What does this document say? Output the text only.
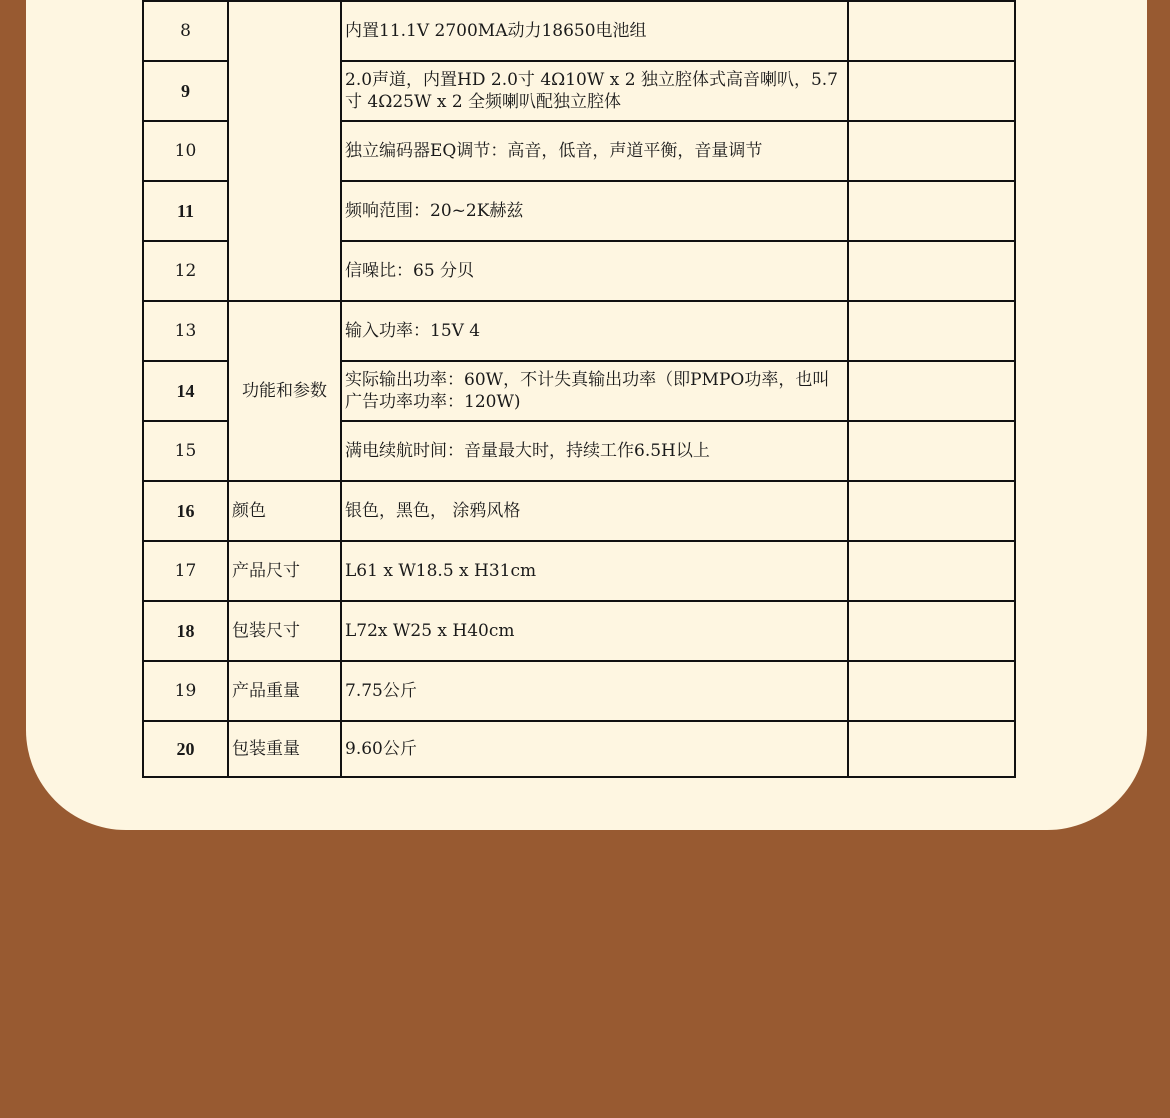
8		内置11.1V 2700MA动力18650电池组	
9		2.0声道，内置HD 2.0寸 4Ω10W x 2 独立腔体式高音喇叭，5.7寸 4Ω25W x 2 全频喇叭配独立腔体	
10		独立编码器EQ调节：高音，低音，声道平衡，音量调节	
11		频响范围：20~2K赫兹	
12		信噪比：65 分贝	
13	功能和参数	输入功率：15V 4	
14		实际输出功率：60W，不计失真输出功率（即PMPO功率，也叫广告功率功率：120W)	
15		满电续航时间：音量最大时，持续工作6.5H以上	
16	颜色	银色，黑色， 涂鸦风格	
17	产品尺寸	L61 x W18.5 x H31cm	
18	包装尺寸	L72x W25 x H40cm	
19	产品重量	7.75公斤	
20	包装重量	9.60公斤	
